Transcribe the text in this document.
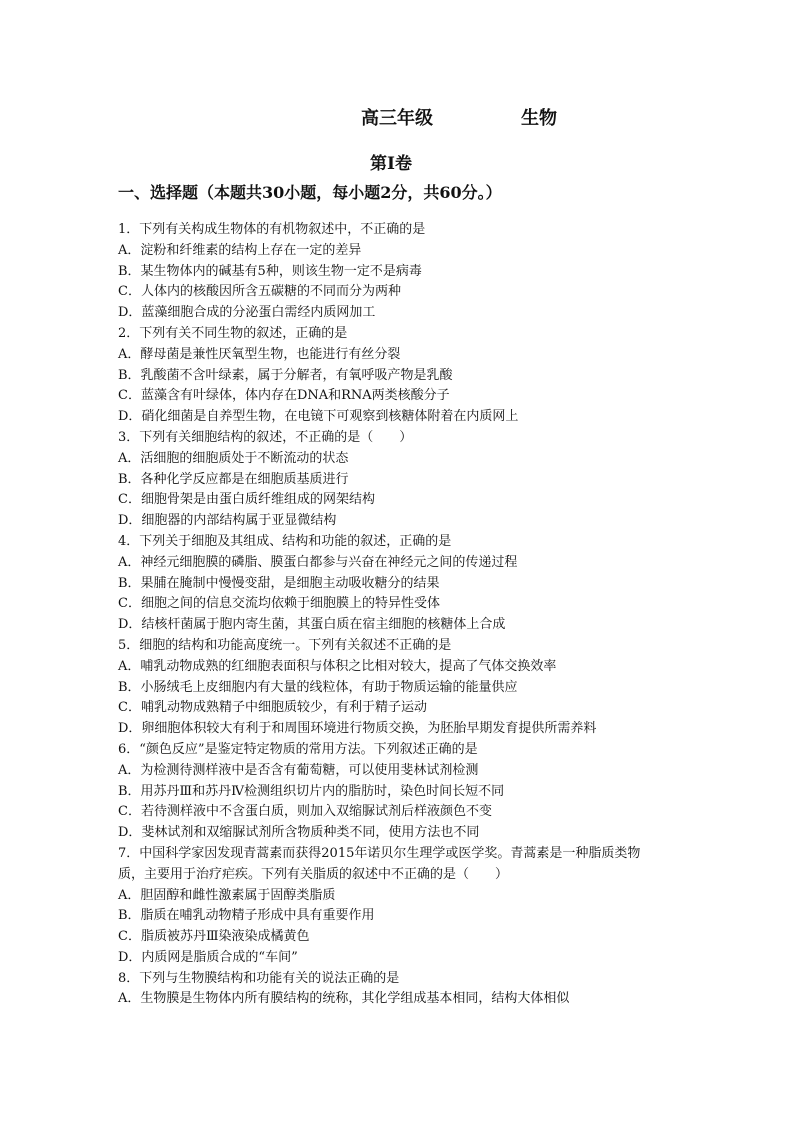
高三年级	生物
第Ⅰ卷
一、选择题（本题共30小题，每小题2分，共60分。）
1．下列有关构成生物体的有机物叙述中，不正确的是
A．淀粉和纤维素的结构上存在一定的差异
B．某生物体内的碱基有5种，则该生物一定不是病毒
C．人体内的核酸因所含五碳糖的不同而分为两种
D．蓝藻细胞合成的分泌蛋白需经内质网加工
2．下列有关不同生物的叙述，正确的是
A．酵母菌是兼性厌氧型生物，也能进行有丝分裂
B．乳酸菌不含叶绿素，属于分解者，有氧呼吸产物是乳酸
C．蓝藻含有叶绿体，体内存在DNA和RNA两类核酸分子
D．硝化细菌是自养型生物，在电镜下可观察到核糖体附着在内质网上
3．下列有关细胞结构的叙述，不正确的是（　　）
A．活细胞的细胞质处于不断流动的状态
B．各种化学反应都是在细胞质基质进行
C．细胞骨架是由蛋白质纤维组成的网架结构
D．细胞器的内部结构属于亚显微结构
4．下列关于细胞及其组成、结构和功能的叙述，正确的是
A．神经元细胞膜的磷脂、膜蛋白都参与兴奋在神经元之间的传递过程
B．果脯在腌制中慢慢变甜，是细胞主动吸收糖分的结果
C．细胞之间的信息交流均依赖于细胞膜上的特异性受体
D．结核杆菌属于胞内寄生菌，其蛋白质在宿主细胞的核糖体上合成
5．细胞的结构和功能高度统一。下列有关叙述不正确的是
A．哺乳动物成熟的红细胞表面积与体积之比相对较大，提高了气体交换效率
B．小肠绒毛上皮细胞内有大量的线粒体，有助于物质运输的能量供应
C．哺乳动物成熟精子中细胞质较少，有利于精子运动
D．卵细胞体积较大有利于和周围环境进行物质交换，为胚胎早期发育提供所需养料
6．“颜色反应”是鉴定特定物质的常用方法。下列叙述正确的是
A．为检测待测样液中是否含有葡萄糖，可以使用斐林试剂检测
B．用苏丹Ⅲ和苏丹Ⅳ检测组织切片内的脂肪时，染色时间长短不同
C．若待测样液中不含蛋白质，则加入双缩脲试剂后样液颜色不变
D．斐林试剂和双缩脲试剂所含物质种类不同，使用方法也不同
7．中国科学家因发现青蒿素而获得2015年诺贝尔生理学或医学奖。青蒿素是一种脂质类物
质，主要用于治疗疟疾。下列有关脂质的叙述中不正确的是（　　）
A．胆固醇和雌性激素属于固醇类脂质
B．脂质在哺乳动物精子形成中具有重要作用
C．脂质被苏丹Ⅲ染液染成橘黄色
D．内质网是脂质合成的“车间”
8．下列与生物膜结构和功能有关的说法正确的是
A．生物膜是生物体内所有膜结构的统称，其化学组成基本相同，结构大体相似
